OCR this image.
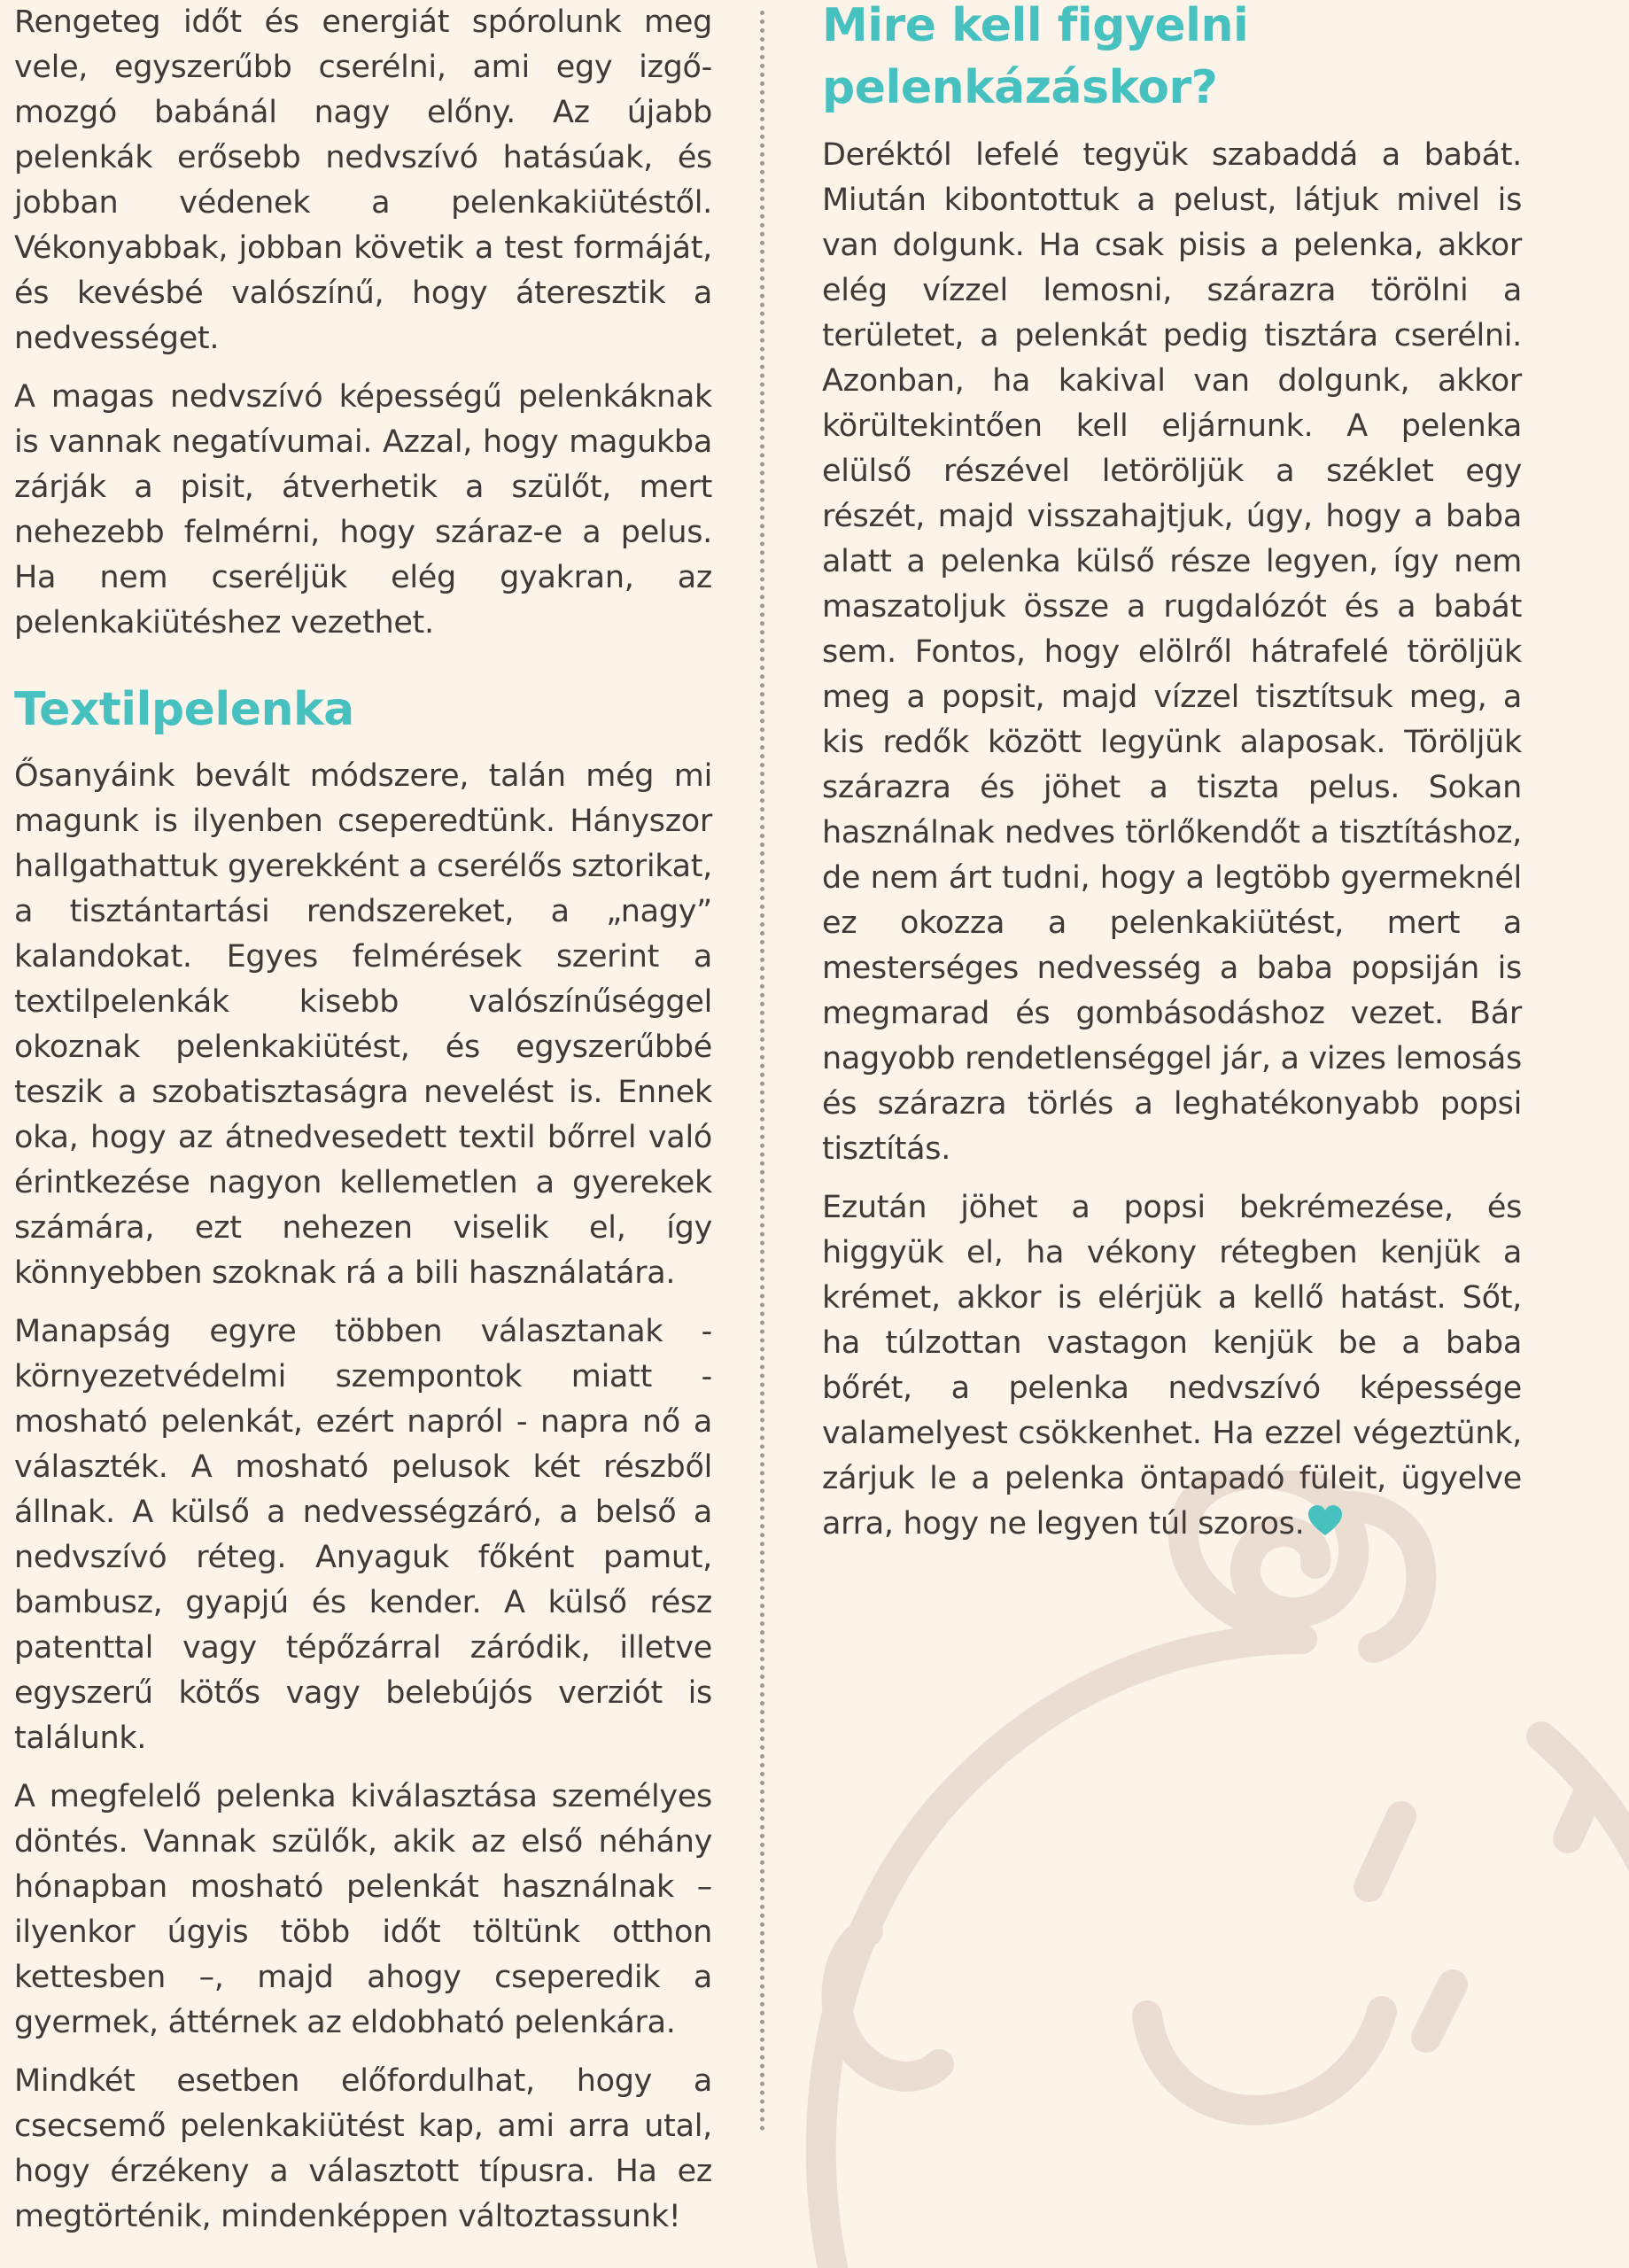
Rengeteg időt és energiát spórolunk meg vele, egyszerűbb cserélni, ami egy izgő-mozgó babánál nagy előny. Az újabb pelenkák erősebb nedvszívó hatásúak, és jobban védenek a pelenkakiütéstől. Vékonyabbak, jobban követik a test formáját, és kevésbé valószínű, hogy áteresztik a nedvességet.

A magas nedvszívó képességű pelenkáknak is vannak negatívumai. Azzal, hogy magukba zárják a pisit, átverhetik a szülőt, mert nehezebb felmérni, hogy száraz-e a pelus. Ha nem cseréljük elég gyakran, az pelenkakiütéshez vezethet.

Textilpelenka

Ősanyáink bevált módszere, talán még mi magunk is ilyenben cseperedtünk. Hányszor hallgathattuk gyerekként a cserélős sztorikat, a tisztántartási rendszereket, a „nagy” kalandokat. Egyes felmérések szerint a textilpelenkák kisebb valószínűséggel okoznak pelenkakiütést, és egyszerűbbé teszik a szobatisztaságra nevelést is. Ennek oka, hogy az átnedvesedett textil bőrrel való érintkezése nagyon kellemetlen a gyerekek számára, ezt nehezen viselik el, így könnyebben szoknak rá a bili használatára.

Manapság egyre többen választanak - környezetvédelmi szempontok miatt - mosható pelenkát, ezért napról - napra nő a választék. A mosható pelusok két részből állnak. A külső a nedvességzáró, a belső a nedvszívó réteg. Anyaguk főként pamut, bambusz, gyapjú és kender. A külső rész patenttal vagy tépőzárral záródik, illetve egyszerű kötős vagy belebújós verziót is találunk.

A megfelelő pelenka kiválasztása személyes döntés. Vannak szülők, akik az első néhány hónapban mosható pelenkát használnak – ilyenkor úgyis több időt töltünk otthon kettesben –, majd ahogy cseperedik a gyermek, áttérnek az eldobható pelenkára.

Mindkét esetben előfordulhat, hogy a csecsemő pelenkakiütést kap, ami arra utal, hogy érzékeny a választott típusra. Ha ez megtörténik, mindenképpen változtassunk!

Mire kell figyelni pelenkázáskor?

Deréktól lefelé tegyük szabaddá a babát. Miután kibontottuk a pelust, látjuk mivel is van dolgunk. Ha csak pisis a pelenka, akkor elég vízzel lemosni, szárazra törölni a területet, a pelenkát pedig tisztára cserélni. Azonban, ha kakival van dolgunk, akkor körültekintően kell eljárnunk. A pelenka elülső részével letöröljük a széklet egy részét, majd visszahajtjuk, úgy, hogy a baba alatt a pelenka külső része legyen, így nem maszatoljuk össze a rugdalózót és a babát sem. Fontos, hogy elölről hátrafelé töröljük meg a popsit, majd vízzel tisztítsuk meg, a kis redők között legyünk alaposak. Töröljük szárazra és jöhet a tiszta pelus. Sokan használnak nedves törlőkendőt a tisztításhoz, de nem árt tudni, hogy a legtöbb gyermeknél ez okozza a pelenkakiütést, mert a mesterséges nedvesség a baba popsiján is megmarad és gombásodáshoz vezet. Bár nagyobb rendetlenséggel jár, a vizes lemosás és szárazra törlés a leghatékonyabb popsi tisztítás.

Ezután jöhet a popsi bekrémezése, és higgyük el, ha vékony rétegben kenjük a krémet, akkor is elérjük a kellő hatást. Sőt, ha túlzottan vastagon kenjük be a baba bőrét, a pelenka nedvszívó képessége valamelyest csökkenhet. Ha ezzel végeztünk, zárjuk le a pelenka öntapadó füleit, ügyelve arra, hogy ne legyen túl szoros.
